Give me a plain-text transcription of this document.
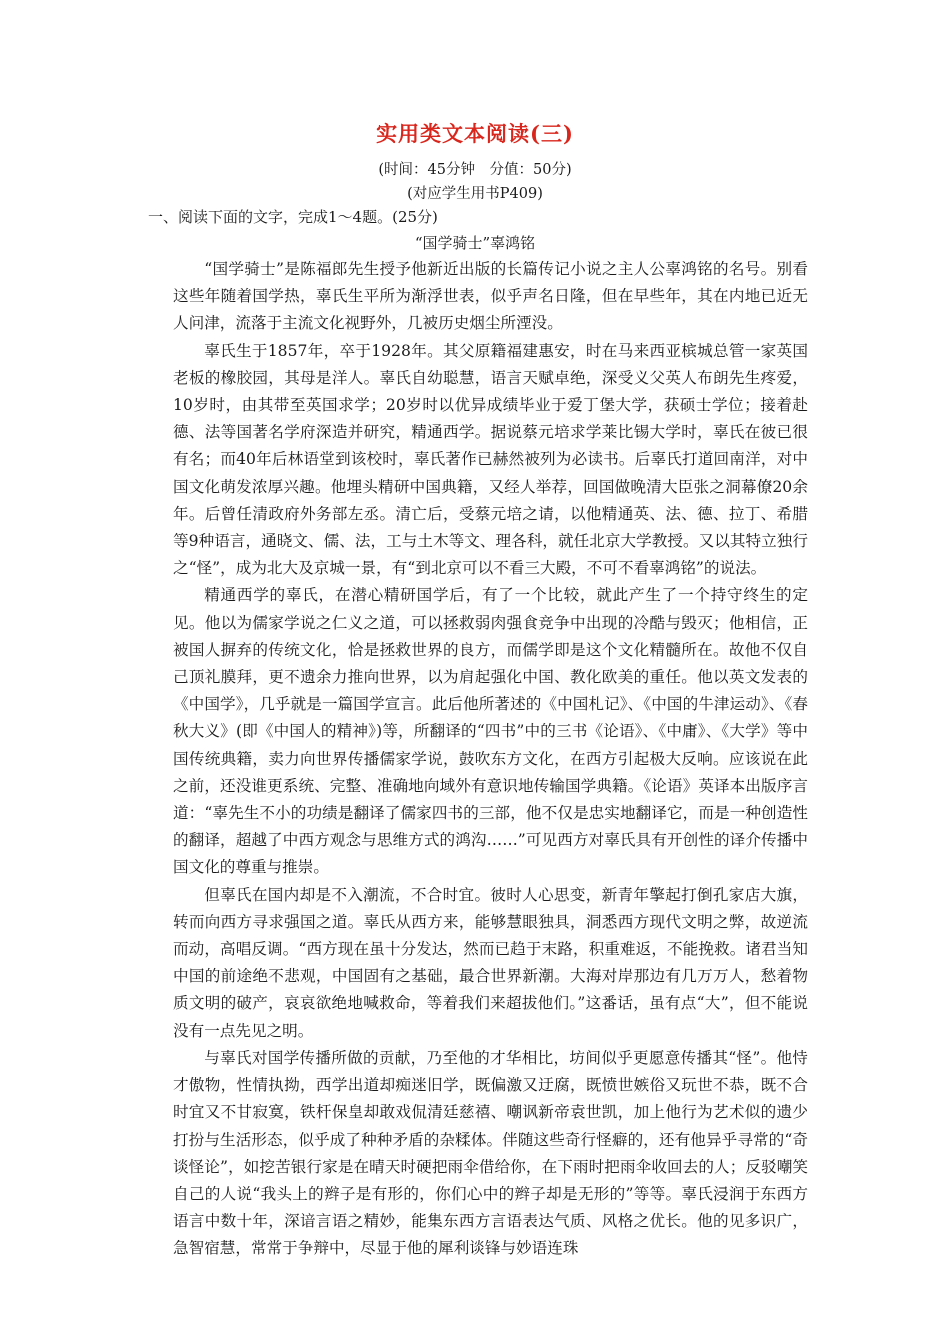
实用类文本阅读(三)
(时间：45分钟　分值：50分)
(对应学生用书P409)
一、阅读下面的文字，完成1～4题。(25分)
“国学骑士”辜鸿铭

“国学骑士”是陈福郎先生授予他新近出版的长篇传记小说之主人公辜鸿铭的名号。别看这些年随着国学热，辜氏生平所为渐浮世表，似乎声名日隆，但在早些年，其在内地已近无人问津，流落于主流文化视野外，几被历史烟尘所湮没。

辜氏生于1857年，卒于1928年。其父原籍福建惠安，时在马来西亚槟城总管一家英国老板的橡胶园，其母是洋人。辜氏自幼聪慧，语言天赋卓绝，深受义父英人布朗先生疼爱，10岁时，由其带至英国求学；20岁时以优异成绩毕业于爱丁堡大学，获硕士学位；接着赴德、法等国著名学府深造并研究，精通西学。据说蔡元培求学莱比锡大学时，辜氏在彼已很有名；而40年后林语堂到该校时，辜氏著作已赫然被列为必读书。后辜氏打道回南洋，对中国文化萌发浓厚兴趣。他埋头精研中国典籍，又经人举荐，回国做晚清大臣张之洞幕僚20余年。后曾任清政府外务部左丞。清亡后，受蔡元培之请，以他精通英、法、德、拉丁、希腊等9种语言，通晓文、儒、法，工与土木等文、理各科，就任北京大学教授。又以其特立独行之“怪”，成为北大及京城一景，有“到北京可以不看三大殿，不可不看辜鸿铭”的说法。

精通西学的辜氏，在潜心精研国学后，有了一个比较，就此产生了一个持守终生的定见。他以为儒家学说之仁义之道，可以拯救弱肉强食竞争中出现的冷酷与毁灭；他相信，正被国人摒弃的传统文化，恰是拯救世界的良方，而儒学即是这个文化精髓所在。故他不仅自己顶礼膜拜，更不遗余力推向世界，以为肩起强化中国、教化欧美的重任。他以英文发表的《中国学》，几乎就是一篇国学宣言。此后他所著述的《中国札记》、《中国的牛津运动》、《春秋大义》(即《中国人的精神》)等，所翻译的“四书”中的三书《论语》、《中庸》、《大学》等中国传统典籍，卖力向世界传播儒家学说，鼓吹东方文化，在西方引起极大反响。应该说在此之前，还没谁更系统、完整、准确地向域外有意识地传输国学典籍。《论语》英译本出版序言道：“辜先生不小的功绩是翻译了儒家四书的三部，他不仅是忠实地翻译它，而是一种创造性的翻译，超越了中西方观念与思维方式的鸿沟……”可见西方对辜氏具有开创性的译介传播中国文化的尊重与推崇。

但辜氏在国内却是不入潮流，不合时宜。彼时人心思变，新青年擎起打倒孔家店大旗，转而向西方寻求强国之道。辜氏从西方来，能够慧眼独具，洞悉西方现代文明之弊，故逆流而动，高唱反调。“西方现在虽十分发达，然而已趋于末路，积重难返，不能挽救。诸君当知中国的前途绝不悲观，中国固有之基础，最合世界新潮。大海对岸那边有几万万人，愁着物质文明的破产，哀哀欲绝地喊救命，等着我们来超拔他们。”这番话，虽有点“大”，但不能说没有一点先见之明。

与辜氏对国学传播所做的贡献，乃至他的才华相比，坊间似乎更愿意传播其“怪”。他恃才傲物，性情执拗，西学出道却痴迷旧学，既偏激又迂腐，既愤世嫉俗又玩世不恭，既不合时宜又不甘寂寞，铁杆保皇却敢戏侃清廷慈禧、嘲讽新帝袁世凯，加上他行为艺术似的遗少打扮与生活形态，似乎成了种种矛盾的杂糅体。伴随这些奇行怪癖的，还有他异乎寻常的“奇谈怪论”，如挖苦银行家是在晴天时硬把雨伞借给你，在下雨时把雨伞收回去的人；反驳嘲笑自己的人说“我头上的辫子是有形的，你们心中的辫子却是无形的”等等。辜氏浸润于东西方语言中数十年，深谙言语之精妙，能集东西方言语表达气质、风格之优长。他的见多识广，急智宿慧，常常于争辩中，尽显于他的犀利谈锋与妙语连珠
